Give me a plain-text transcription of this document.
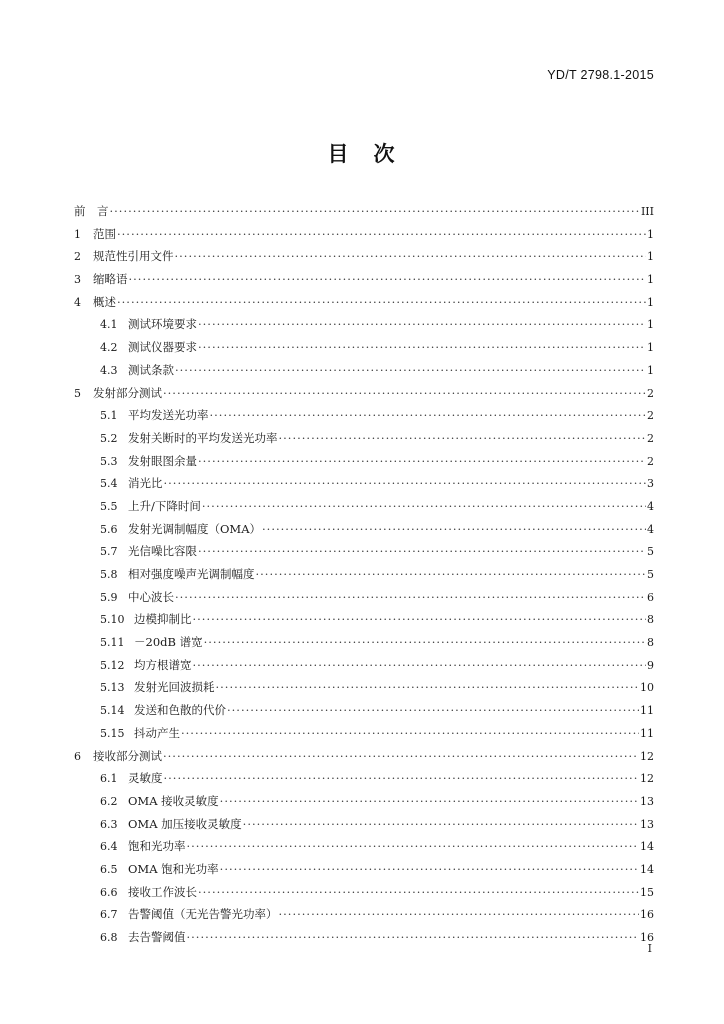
YD/T 2798.1-2015
目　次
前　言 ·····	III
1	范围 ·····	1
2	规范性引用文件 ·····	1
3	缩略语 ·····	1
4	概述 ·····	1
4.1 测试环境要求 ·····	1
4.2 测试仪器要求 ·····	1
4.3 测试条款 ·····	1
5	发射部分测试 ·····	2
5.1 平均发送光功率 ·····	2
5.2 发射关断时的平均发送光功率 ·····	2
5.3 发射眼图余量 ·····	2
5.4 消光比 ·····	3
5.5 上升/下降时间 ·····	4
5.6 发射光调制幅度（OMA） ·····	4
5.7 光信噪比容限 ·····	5
5.8 相对强度噪声光调制幅度 ·····	5
5.9 中心波长 ·····	6
5.10 边模抑制比 ·····	8
5.11 －20dB 谱宽 ·····	8
5.12 均方根谱宽 ·····	9
5.13 发射光回波损耗 ·····	10
5.14 发送和色散的代价 ·····	11
5.15 抖动产生 ·····	11
6	接收部分测试 ·····	12
6.1 灵敏度 ·····	12
6.2 OMA 接收灵敏度 ·····	13
6.3 OMA 加压接收灵敏度 ·····	13
6.4 饱和光功率 ·····	14
6.5 OMA 饱和光功率 ·····	14
6.6 接收工作波长 ·····	15
6.7 告警阈值（无光告警光功率） ·····	16
6.8 去告警阈值 ·····	16
I
